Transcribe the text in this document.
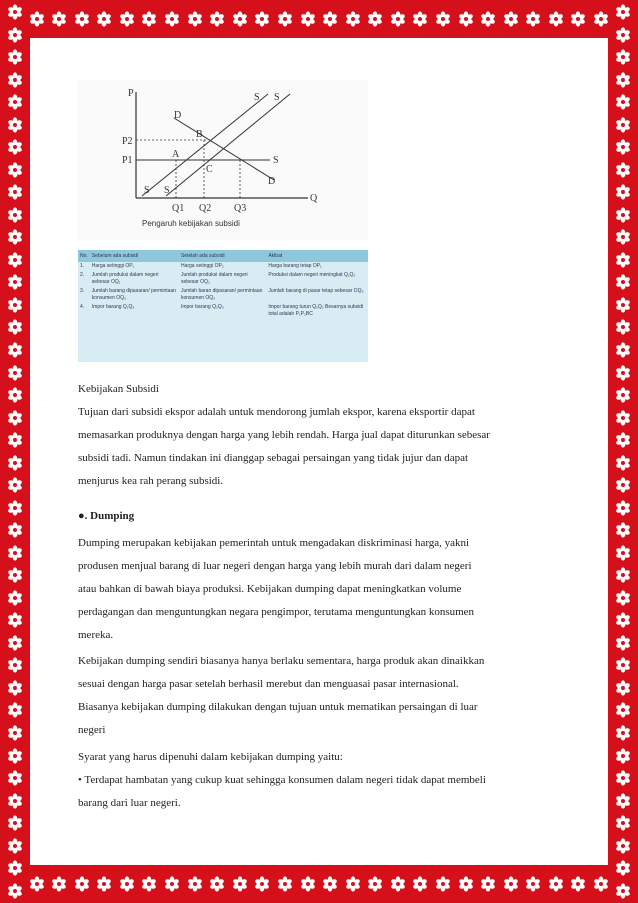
P
Q
P2
P1
D
D
S S
S S
S
A
B
C
Q1 Q2 Q3
Pengaruh kebijakan subsidi
No.	Sebelum ada subsidi	Setelah ada subsidi	Akibat
1.	Harga setinggi OP₁	Harga setinggi OP₂	Harga barang tetap OP₁
2.	Jumlah produksi dalam negeri sebesar OQ₁	Jumlah produksi dalam negeri sebesar OQ₂	Produksi dalam negeri meningkat Q₁Q₂
3.	Jumlah barang dipasaran/ permintaan konsumen OQ₃	Jumlah baran dipasaran/ permintaan konsumen OQ₃	Jumlah barang di pasar tetap sebesar OQ₃
4.	Impor barang Q₁Q₃	Impor barang Q₂Q₃	Impor barang turun Q₁Q₂ Besarnya subsidi total adalah P₁P₂BC
Kebijakan Subsidi
Tujuan dari subsidi ekspor adalah untuk mendorong jumlah ekspor, karena eksportir dapat
memasarkan produknya dengan harga yang lebih rendah. Harga jual dapat diturunkan sebesar
subsidi tadi. Namun tindakan ini dianggap sebagai persaingan yang tidak jujur dan dapat
menjurus kea rah perang subsidi.
●. Dumping
Dumping merupakan kebijakan pemerintah untuk mengadakan diskriminasi harga, yakni
produsen menjual barang di luar negeri dengan harga yang lebih murah dari dalam negeri
atau bahkan di bawah biaya produksi. Kebijakan dumping dapat meningkatkan volume
perdagangan dan menguntungkan negara pengimpor, terutama menguntungkan konsumen
mereka.
Kebijakan dumping sendiri biasanya hanya berlaku sementara, harga produk akan dinaikkan
sesuai dengan harga pasar setelah berhasil merebut dan menguasai pasar internasional.
Biasanya kebijakan dumping dilakukan dengan tujuan untuk mematikan persaingan di luar
negeri
Syarat yang harus dipenuhi dalam kebijakan dumping yaitu:
• Terdapat hambatan yang cukup kuat sehingga konsumen dalam negeri tidak dapat membeli
barang dari luar negeri.
